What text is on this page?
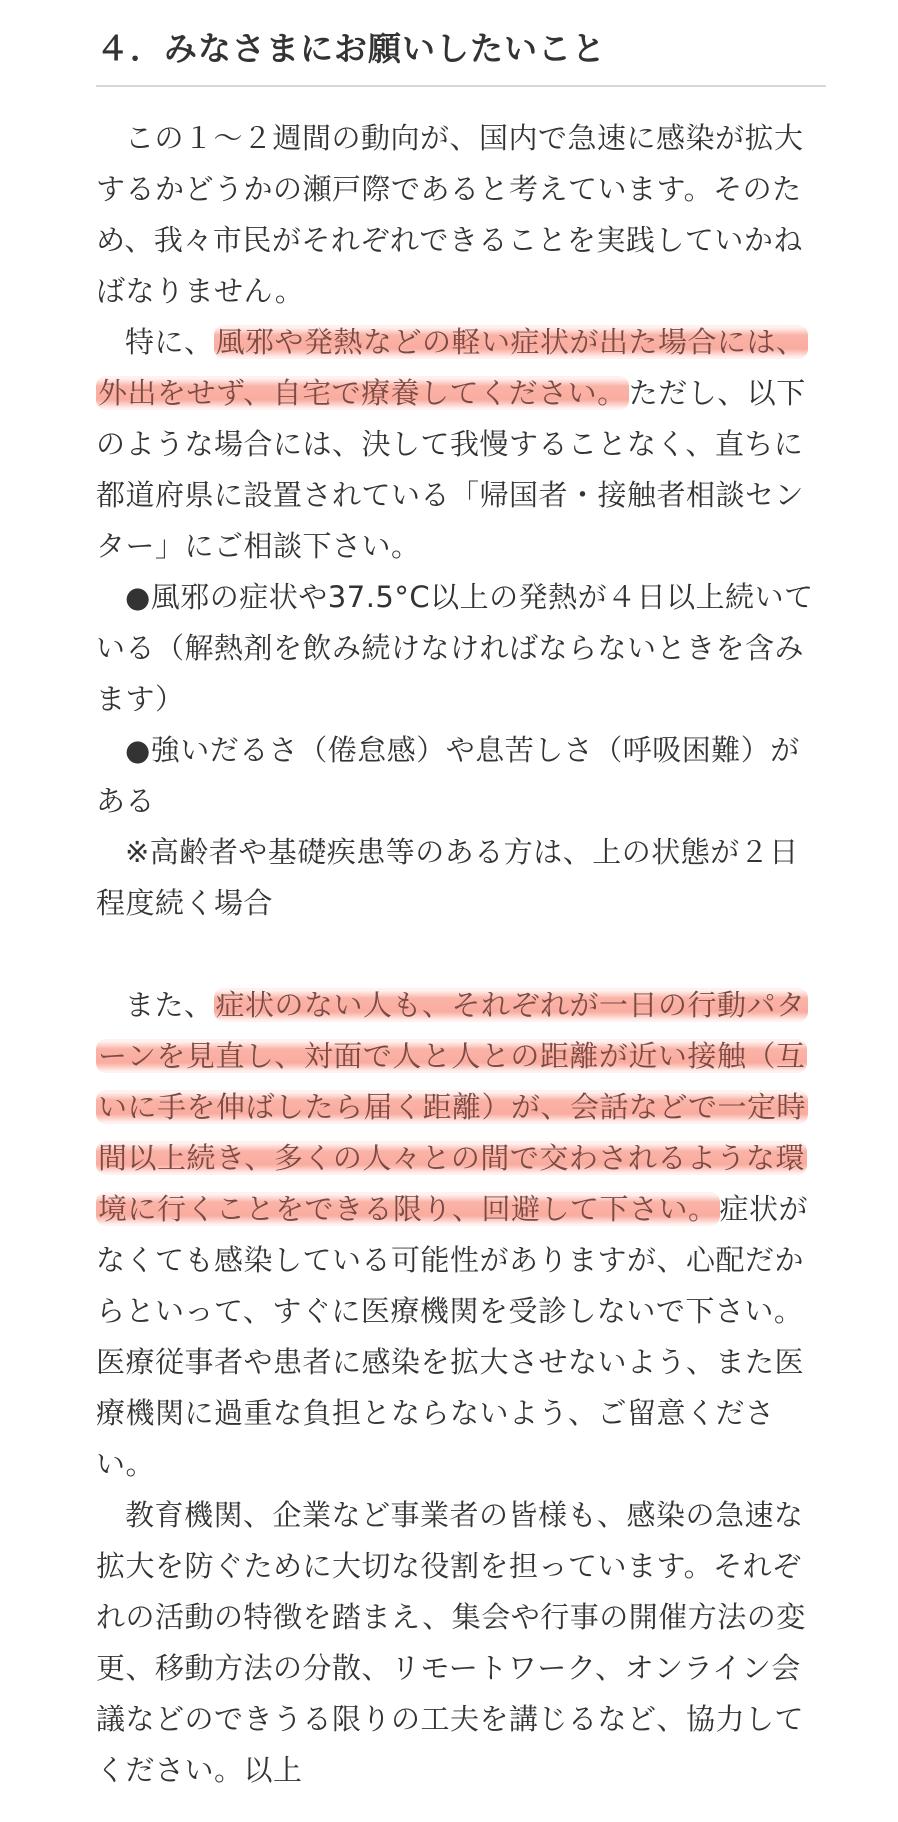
４．みなさまにお願いしたいこと

この１～２週間の動向が、国内で急速に感染が拡大するかどうかの瀬戸際であると考えています。そのため、我々市民がそれぞれできることを実践していかねばなりません。

特に、風邪や発熱などの軽い症状が出た場合には、外出をせず、自宅で療養してください。ただし、以下のような場合には、決して我慢することなく、直ちに都道府県に設置されている「帰国者・接触者相談センター」にご相談下さい。

●風邪の症状や37.5°C以上の発熱が４日以上続いている（解熱剤を飲み続けなければならないときを含みます）

●強いだるさ（倦怠感）や息苦しさ（呼吸困難）がある

※高齢者や基礎疾患等のある方は、上の状態が２日程度続く場合

また、症状のない人も、それぞれが一日の行動パターンを見直し、対面で人と人との距離が近い接触（互いに手を伸ばしたら届く距離）が、会話などで一定時間以上続き、多くの人々との間で交わされるような環境に行くことをできる限り、回避して下さい。症状がなくても感染している可能性がありますが、心配だからといって、すぐに医療機関を受診しないで下さい。医療従事者や患者に感染を拡大させないよう、また医療機関に過重な負担とならないよう、ご留意ください。

教育機関、企業など事業者の皆様も、感染の急速な拡大を防ぐために大切な役割を担っています。それぞれの活動の特徴を踏まえ、集会や行事の開催方法の変更、移動方法の分散、リモートワーク、オンライン会議などのできうる限りの工夫を講じるなど、協力してください。以上
